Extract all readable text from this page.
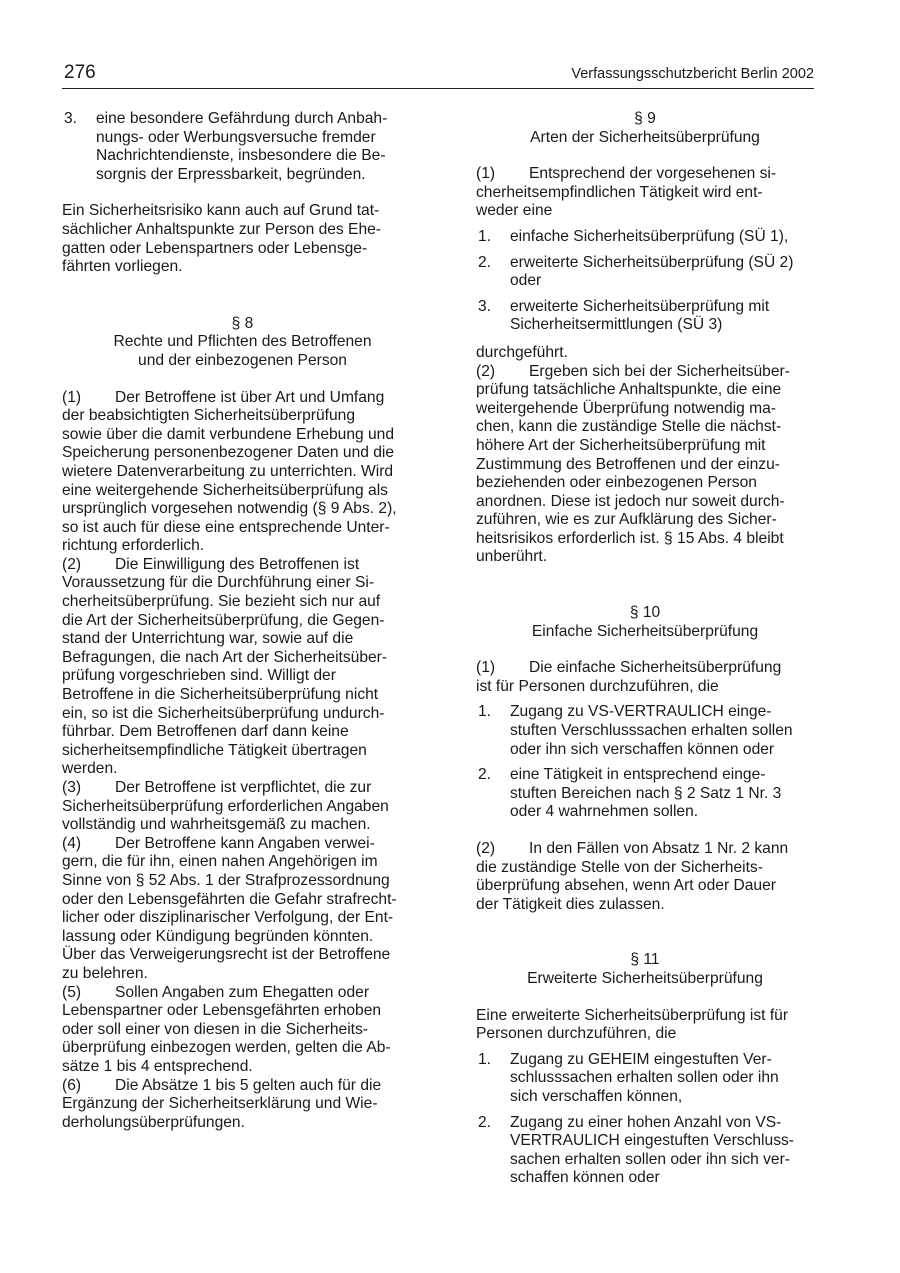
276	Verfassungsschutzbericht Berlin 2002
3. eine besondere Gefährdung durch Anbah-
nungs- oder Werbungsversuche fremder
Nachrichtendienste, insbesondere die Be-
sorgnis der Erpressbarkeit, begründen.

Ein Sicherheitsrisiko kann auch auf Grund tat-
sächlicher Anhaltspunkte zur Person des Ehe-
gatten oder Lebenspartners oder Lebensge-
fährten vorliegen.

§ 8

Rechte und Pflichten des Betroffenen
und der einbezogenen Person

(1) Der Betroffene ist über Art und Umfang
der beabsichtigten Sicherheitsüberprüfung
sowie über die damit verbundene Erhebung und
Speicherung personenbezogener Daten und die
wietere Datenverarbeitung zu unterrichten. Wird
eine weitergehende Sicherheitsüberprüfung als
ursprünglich vorgesehen notwendig (§ 9 Abs. 2),
so ist auch für diese eine entsprechende Unter-
richtung erforderlich.

(2) Die Einwilligung des Betroffenen ist
Voraussetzung für die Durchführung einer Si-
cherheitsüberprüfung. Sie bezieht sich nur auf
die Art der Sicherheitsüberprüfung, die Gegen-
stand der Unterrichtung war, sowie auf die
Befragungen, die nach Art der Sicherheitsüber-
prüfung vorgeschrieben sind. Willigt der
Betroffene in die Sicherheitsüberprüfung nicht
ein, so ist die Sicherheitsüberprüfung undurch-
führbar. Dem Betroffenen darf dann keine
sicherheitsempfindliche Tätigkeit übertragen
werden.

(3) Der Betroffene ist verpflichtet, die zur
Sicherheitsüberprüfung erforderlichen Angaben
vollständig und wahrheitsgemäß zu machen.

(4) Der Betroffene kann Angaben verwei-
gern, die für ihn, einen nahen Angehörigen im
Sinne von § 52 Abs. 1 der Strafprozessordnung
oder den Lebensgefährten die Gefahr strafrecht-
licher oder disziplinarischer Verfolgung, der Ent-
lassung oder Kündigung begründen könnten.
Über das Verweigerungsrecht ist der Betroffene
zu belehren.

(5) Sollen Angaben zum Ehegatten oder
Lebenspartner oder Lebensgefährten erhoben
oder soll einer von diesen in die Sicherheits-
überprüfung einbezogen werden, gelten die Ab-
sätze 1 bis 4 entsprechend.

(6) Die Absätze 1 bis 5 gelten auch für die
Ergänzung der Sicherheitserklärung und Wie-
derholungsüberprüfungen.

§ 9

Arten der Sicherheitsüberprüfung

(1) Entsprechend der vorgesehenen si-
cherheitsempfindlichen Tätigkeit wird ent-
weder eine

1. einfache Sicherheitsüberprüfung (SÜ 1),
2. erweiterte Sicherheitsüberprüfung (SÜ 2)
oder
3. erweiterte Sicherheitsüberprüfung mit
Sicherheitsermittlungen (SÜ 3)

durchgeführt.

(2) Ergeben sich bei der Sicherheitsüber-
prüfung tatsächliche Anhaltspunkte, die eine
weitergehende Überprüfung notwendig ma-
chen, kann die zuständige Stelle die nächst-
höhere Art der Sicherheitsüberprüfung mit
Zustimmung des Betroffenen und der einzu-
beziehenden oder einbezogenen Person
anordnen. Diese ist jedoch nur soweit durch-
zuführen, wie es zur Aufklärung des Sicher-
heitsrisikos erforderlich ist. § 15 Abs. 4 bleibt
unberührt.

§ 10

Einfache Sicherheitsüberprüfung

(1) Die einfache Sicherheitsüberprüfung
ist für Personen durchzuführen, die

1. Zugang zu VS-VERTRAULICH einge-
stuften Verschlusssachen erhalten sollen
oder ihn sich verschaffen können oder
2. eine Tätigkeit in entsprechend einge-
stuften Bereichen nach § 2 Satz 1 Nr. 3
oder 4 wahrnehmen sollen.

(2) In den Fällen von Absatz 1 Nr. 2 kann
die zuständige Stelle von der Sicherheits-
überprüfung absehen, wenn Art oder Dauer
der Tätigkeit dies zulassen.

§ 11

Erweiterte Sicherheitsüberprüfung

Eine erweiterte Sicherheitsüberprüfung ist für
Personen durchzuführen, die

1. Zugang zu GEHEIM eingestuften Ver-
schlusssachen erhalten sollen oder ihn
sich verschaffen können,
2. Zugang zu einer hohen Anzahl von VS-
VERTRAULICH eingestuften Verschluss-
sachen erhalten sollen oder ihn sich ver-
schaffen können oder
